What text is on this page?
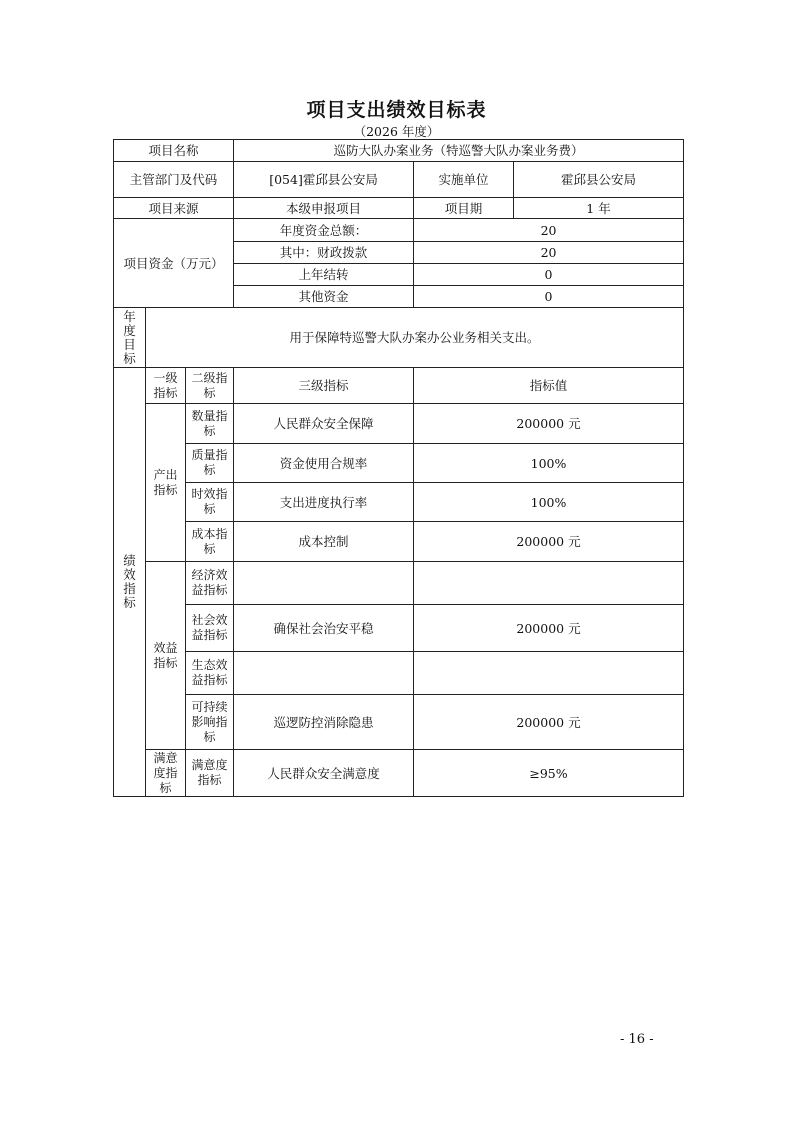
项目支出绩效目标表
（2026 年度）
项目名称			巡防大队办案业务（特巡警大队办案业务费）		
主管部门及代码			[054]霍邱县公安局	实施单位	霍邱县公安局
项目来源			本级申报项目	项目期	1 年
项目资金（万元）			年度资金总额：	20	
			其中：财政拨款	20	
			上年结转	0	
			其他资金	0	
年度目标	用于保障特巡警大队办案办公业务相关支出。				
绩效指标	一级指标	二级指标	三级指标	指标值	
	产出指标	数量指标	人民群众安全保障	200000 元	
		质量指标	资金使用合规率	100%	
		时效指标	支出进度执行率	100%	
		成本指标	成本控制	200000 元	
	效益指标	经济效益指标			
		社会效益指标	确保社会治安平稳	200000 元	
		生态效益指标			
		可持续影响指标	巡逻防控消除隐患	200000 元	
	满意度指标	满意度指标	人民群众安全满意度	≥95%	
- 16 -
